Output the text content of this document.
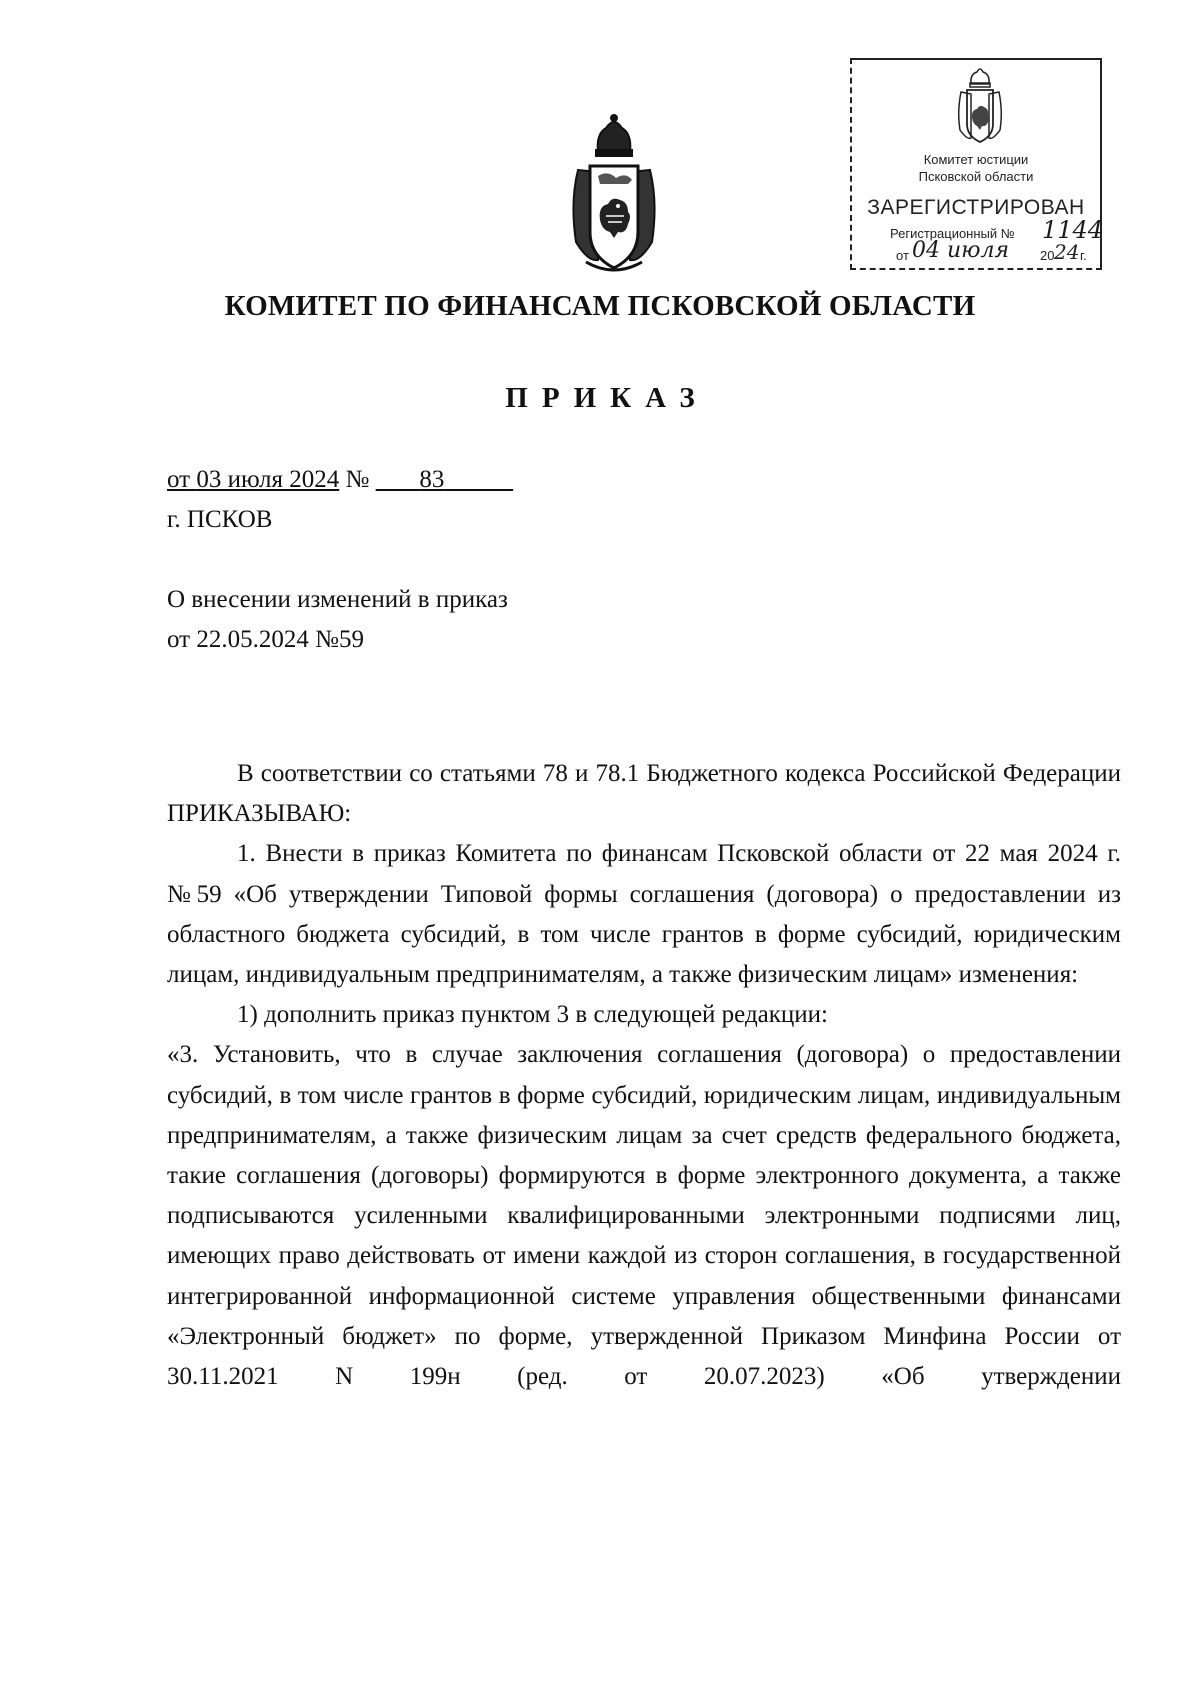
Комитет юстиции
Псковской области
ЗАРЕГИСТРИРОВАН
Регистрационный № 1144
от 04 июля 20 24 г.
КОМИТЕТ ПО ФИНАНСАМ ПСКОВСКОЙ ОБЛАСТИ
ПРИКАЗ
от 03 июля 2024 № 83
г. ПСКОВ
О внесении изменений в приказ
от 22.05.2024 №59

В соответствии со статьями 78 и 78.1 Бюджетного кодекса Российской Федерации ПРИКАЗЫВАЮ:

1. Внести в приказ Комитета по финансам Псковской области от 22 мая 2024 г. №59 «Об утверждении Типовой формы соглашения (договора) о предоставлении из областного бюджета субсидий, в том числе грантов в форме субсидий, юридическим лицам, индивидуальным предпринимателям, а также физическим лицам» изменения:

1) дополнить приказ пунктом 3 в следующей редакции:

«3. Установить, что в случае заключения соглашения (договора) о предоставлении субсидий, в том числе грантов в форме субсидий, юридическим лицам, индивидуальным предпринимателям, а также физическим лицам за счет средств федерального бюджета, такие соглашения (договоры) формируются в форме электронного документа, а также подписываются усиленными квалифицированными электронными подписями лиц, имеющих право действовать от имени каждой из сторон соглашения, в государственной интегрированной информационной системе управления общественными финансами «Электронный бюджет» по форме, утвержденной Приказом Минфина России от 30.11.2021 N 199н (ред. от 20.07.2023) «Об утверждении
